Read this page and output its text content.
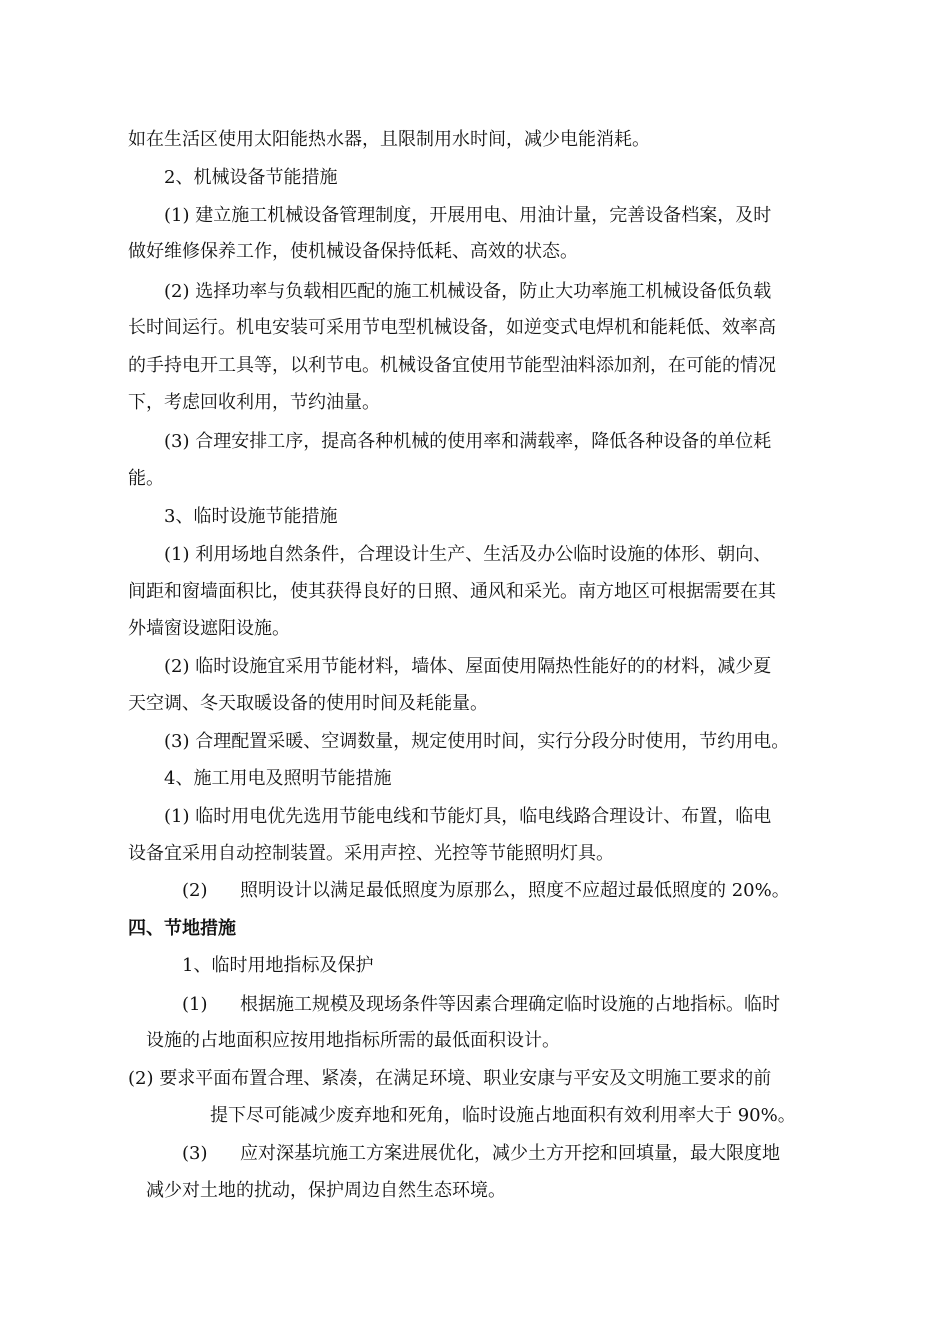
如在生活区使用太阳能热水器，且限制用水时间，减少电能消耗。
2、机械设备节能措施
(1) 建立施工机械设备管理制度，开展用电、用油计量，完善设备档案，及时
做好维修保养工作，使机械设备保持低耗、高效的状态。
(2) 选择功率与负载相匹配的施工机械设备，防止大功率施工机械设备低负载
长时间运行。机电安装可采用节电型机械设备，如逆变式电焊机和能耗低、效率高
的手持电开工具等，以利节电。机械设备宜使用节能型油料添加剂，在可能的情况
下，考虑回收利用，节约油量。
(3) 合理安排工序，提高各种机械的使用率和满载率，降低各种设备的单位耗
能。
3、临时设施节能措施
(1) 利用场地自然条件，合理设计生产、生活及办公临时设施的体形、朝向、
间距和窗墙面积比，使其获得良好的日照、通风和采光。南方地区可根据需要在其
外墙窗设遮阳设施。
(2) 临时设施宜采用节能材料，墙体、屋面使用隔热性能好的的材料，减少夏
天空调、冬天取暖设备的使用时间及耗能量。
(3) 合理配置采暖、空调数量，规定使用时间，实行分段分时使用，节约用电。
4、施工用电及照明节能措施
(1) 临时用电优先选用节能电线和节能灯具，临电线路合理设计、布置，临电
设备宜采用自动控制装置。采用声控、光控等节能照明灯具。
(2) 照明设计以满足最低照度为原那么，照度不应超过最低照度的 20%。
四、节地措施
1、临时用地指标及保护
(1) 根据施工规模及现场条件等因素合理确定临时设施的占地指标。临时
设施的占地面积应按用地指标所需的最低面积设计。
(2) 要求平面布置合理、紧凑，在满足环境、职业安康与平安及文明施工要求的前
提下尽可能减少废弃地和死角，临时设施占地面积有效利用率大于 90%。
(3) 应对深基坑施工方案进展优化，减少土方开挖和回填量，最大限度地
减少对土地的扰动，保护周边自然生态环境。
